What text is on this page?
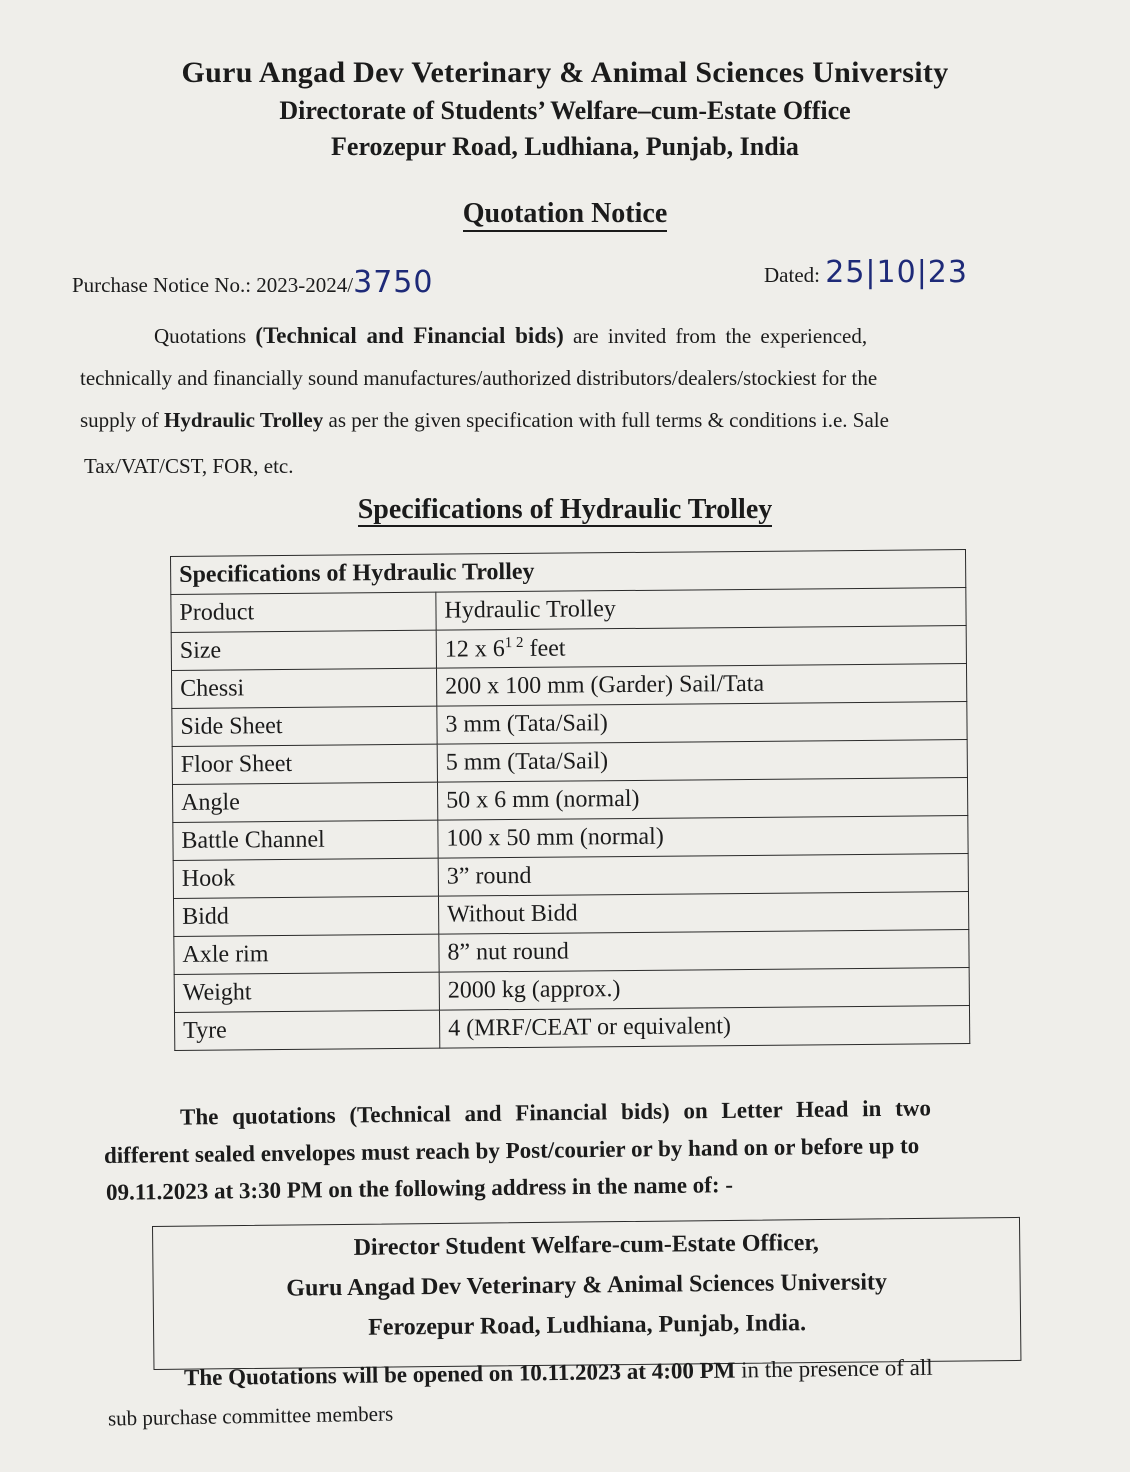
Guru Angad Dev Veterinary & Animal Sciences University
Directorate of Students’ Welfare–cum-Estate Office
Ferozepur Road, Ludhiana, Punjab, India
Quotation Notice
Purchase Notice No.: 2023-2024/3750	Dated: 25|10|23
Quotations (Technical and Financial bids) are invited from the experienced,
technically and financially sound manufactures/authorized distributors/dealers/stockiest for the
supply of Hydraulic Trolley as per the given specification with full terms & conditions i.e. Sale
Tax/VAT/CST, FOR, etc.
Specifications of Hydraulic Trolley
Specifications of Hydraulic Trolley	
Product	Hydraulic Trolley
Size	12 x $6^{1 2}$ feet
Chessi	200 x 100 mm (Garder) Sail/Tata
Side Sheet	3 mm (Tata/Sail)
Floor Sheet	5 mm (Tata/Sail)
Angle	50 x 6 mm (normal)
Battle Channel	100 x 50 mm (normal)
Hook	3” round
Bidd	Without Bidd
Axle rim	8” nut round
Weight	2000 kg (approx.)
Tyre	4 (MRF/CEAT or equivalent)
The quotations (Technical and Financial bids) on Letter Head in two
different sealed envelopes must reach by Post/courier or by hand on or before up to
09.11.2023 at 3:30 PM on the following address in the name of: -
Director Student Welfare-cum-Estate Officer,
Guru Angad Dev Veterinary & Animal Sciences University
Ferozepur Road, Ludhiana, Punjab, India.
The Quotations will be opened on 10.11.2023 at 4:00 PM in the presence of all
sub purchase committee members
